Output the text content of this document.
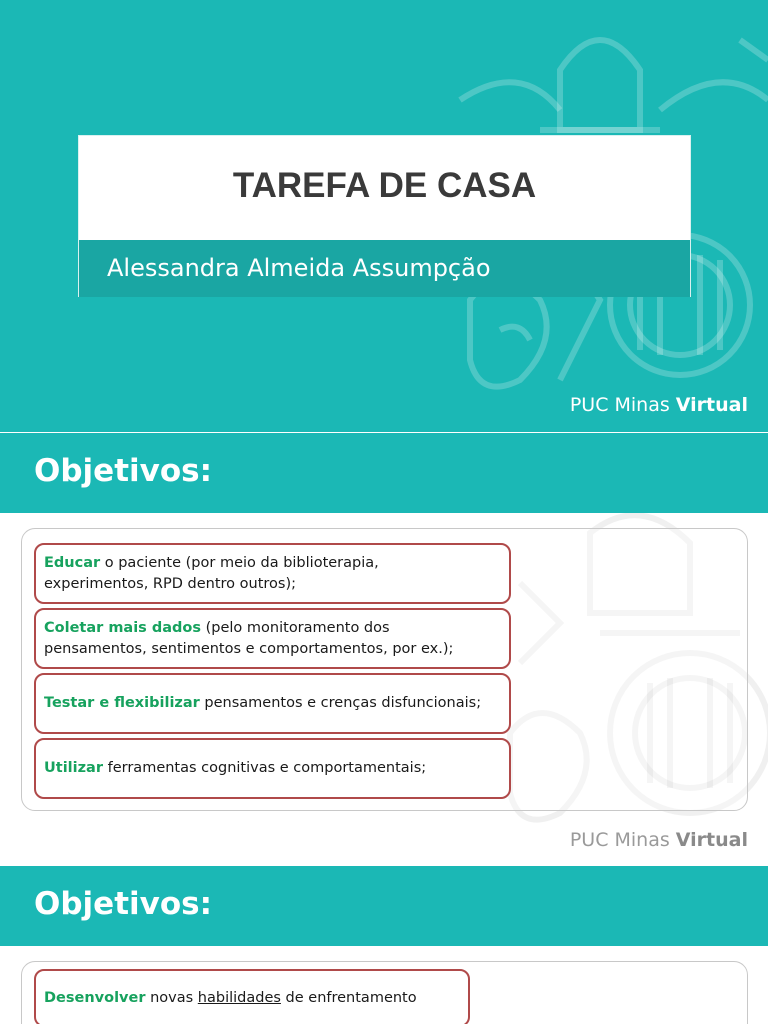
TAREFA DE CASA
Alessandra Almeida Assumpção
PUC Minas Virtual
Objetivos:

Educar o paciente (por meio da biblioterapia,
experimentos, RPD dentro outros);

Coletar mais dados (pelo monitoramento dos
pensamentos, sentimentos e comportamentos, por ex.);

Testar e flexibilizar pensamentos e crenças disfuncionais;

Utilizar ferramentas cognitivas e comportamentais;

PUC Minas Virtual
Objetivos:

Desenvolver novas habilidades de enfrentamento
